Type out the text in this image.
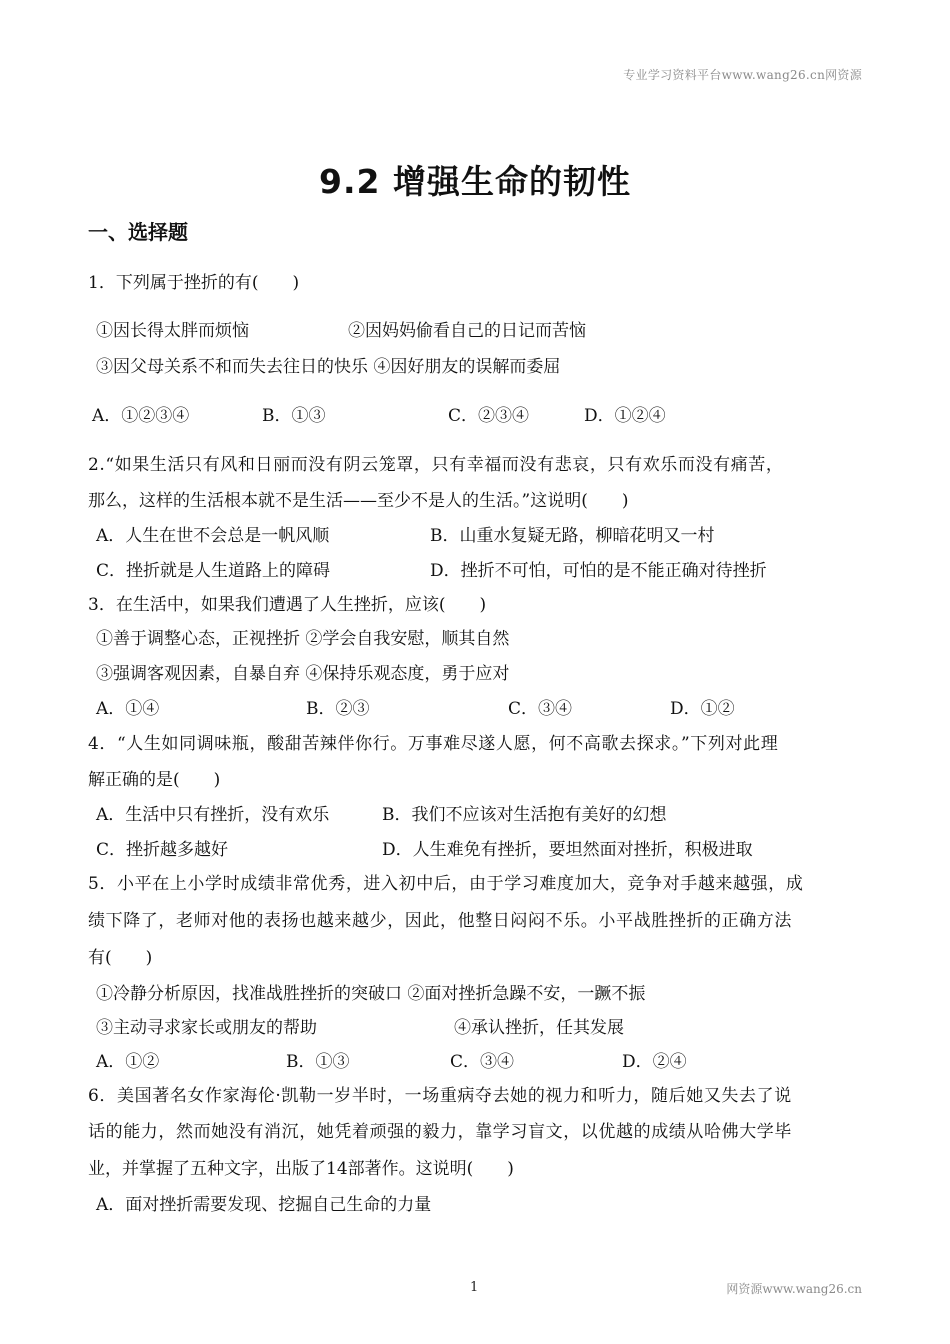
专业学习资料平台www.wang26.cn网资源
9.2 增强生命的韧性
一、选择题
1．下列属于挫折的有(　　)
①因长得太胖而烦恼	②因妈妈偷看自己的日记而苦恼
③因父母关系不和而失去往日的快乐 ④因好朋友的误解而委屈
A．①②③④	B．①③	C．②③④	D．①②④
2.“如果生活只有风和日丽而没有阴云笼罩，只有幸福而没有悲哀，只有欢乐而没有痛苦，
那么，这样的生活根本就不是生活——至少不是人的生活。”这说明(　　)
A．人生在世不会总是一帆风顺	B．山重水复疑无路，柳暗花明又一村
C．挫折就是人生道路上的障碍	D．挫折不可怕，可怕的是不能正确对待挫折
3．在生活中，如果我们遭遇了人生挫折，应该(　　)
①善于调整心态，正视挫折 ②学会自我安慰，顺其自然
③强调客观因素，自暴自弃 ④保持乐观态度，勇于应对
A．①④	B．②③	C．③④	D．①②
4．“人生如同调味瓶，酸甜苦辣伴你行。万事难尽遂人愿，何不高歌去探求。”下列对此理
解正确的是(　　)
A．生活中只有挫折，没有欢乐	B．我们不应该对生活抱有美好的幻想
C．挫折越多越好	D．人生难免有挫折，要坦然面对挫折，积极进取
5．小平在上小学时成绩非常优秀，进入初中后，由于学习难度加大，竞争对手越来越强，成
绩下降了，老师对他的表扬也越来越少，因此，他整日闷闷不乐。小平战胜挫折的正确方法
有(　　)
①冷静分析原因，找准战胜挫折的突破口 ②面对挫折急躁不安，一蹶不振
③主动寻求家长或朋友的帮助	④承认挫折，任其发展
A．①②	B．①③	C．③④	D．②④
6．美国著名女作家海伦·凯勒一岁半时，一场重病夺去她的视力和听力，随后她又失去了说
话的能力，然而她没有消沉，她凭着顽强的毅力，靠学习盲文，以优越的成绩从哈佛大学毕
业，并掌握了五种文字，出版了14部著作。这说明(　　)
A．面对挫折需要发现、挖掘自己生命的力量
1	网资源www.wang26.cn
